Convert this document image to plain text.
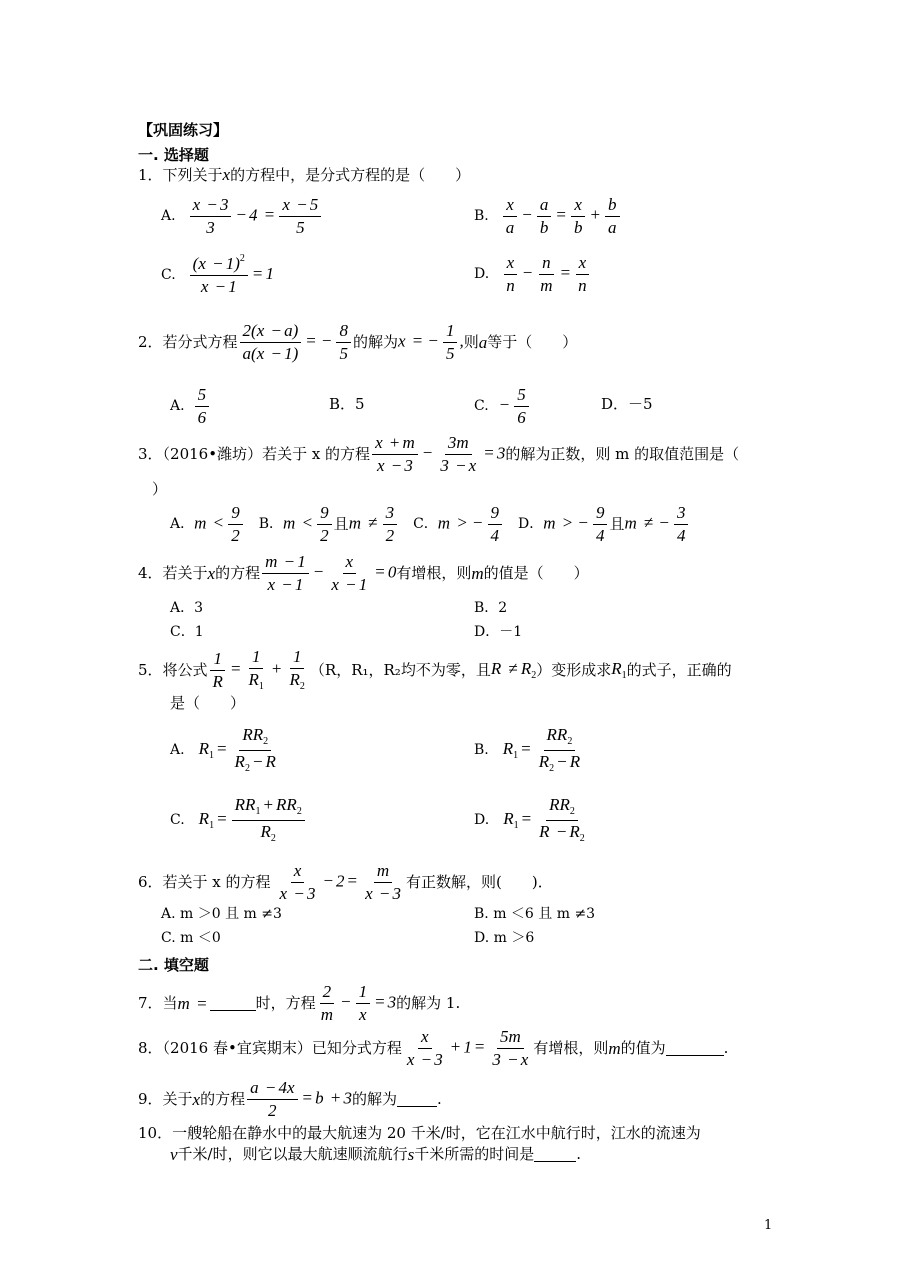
【巩固练习】
一. 选择题
1．下列关于x的方程中，是分式方程的是（　　）
A. $\frac{x - 3}{3} - 4 = \frac{x - 5}{5}$	B. $\frac{x}{a} - \frac{a}{b} = \frac{x}{b} + \frac{b}{a}$
C. $\frac{(x - 1)^2}{x - 1} = 1$	D. $\frac{x}{n} - \frac{n}{m} = \frac{x}{n}$
2．若分式方程 $\frac{2(x - a)}{a(x - 1)}$ = − $\frac{8}{5}$ 的解为 x = − $\frac{1}{5}$ , 则 a 等于（　　）
A. $\frac{5}{6}$	B．5	C. − $\frac{5}{6}$	D．－5
3．（2016•潍坊）若关于 x 的方程 $\frac{x + m}{x - 3} - \frac{3m}{3 - x} = 3$ 的解为正数，则 m 的取值范围是（
）
A． $m < \frac{9}{2}$ B． $m < \frac{9}{2}$ 且 $m \ne \frac{3}{2}$ C． m > − $\frac{9}{4}$ D． m > − $\frac{9}{4}$ 且 m ≠ − $\frac{3}{4}$
4．若关于 x 的方程 $\frac{m - 1}{x - 1} - \frac{x}{x - 1} = 0$ 有增根，则 m 的值是（　　）
A．3	B．2
C．1	D．－1
5．将公式 $\frac{1}{R} = \frac{1}{R_1} + \frac{1}{R_2} (R$，R₁，R₂均不为零，且 $R \ne R_2$ ）变形成求 $R_1$ 的式子，正确的
是（　　）
A. $R_1 = \frac{RR_2}{R_2 - R}$	B. $R_1 = \frac{RR_2}{R_2 - R}$
C. $R_1 = \frac{RR_1 + RR_2}{R_2}$	D. $R_1 = \frac{RR_2}{R - R_2}$
6．若关于 x 的方程 $\frac{x}{x - 3} - 2 = \frac{m}{x - 3}$ 有正数解，则(　　)．
A. m ＞0 且 m ≠3	B. m ＜6 且 m ≠3
C. m ＜0	D. m ＞6
二. 填空题
7．当 m =	时，方程 $\frac{2}{m} - \frac{1}{x} = 3$ 的解为 1.
8．（2016 春•宜宾期末）已知分式方程 $\frac{x}{x - 3} + 1 = \frac{5m}{3 - x}$ 有增根，则 m 的值为	.
9．关于 x 的方程 $\frac{a - 4x}{2} = b + 3$ 的解为	.
10．一艘轮船在静水中的最大航速为 20 千米/时，它在江水中航行时，江水的流速为
v 千米/时，则它以最大航速顺流航行 s 千米所需的时间是	.
1
